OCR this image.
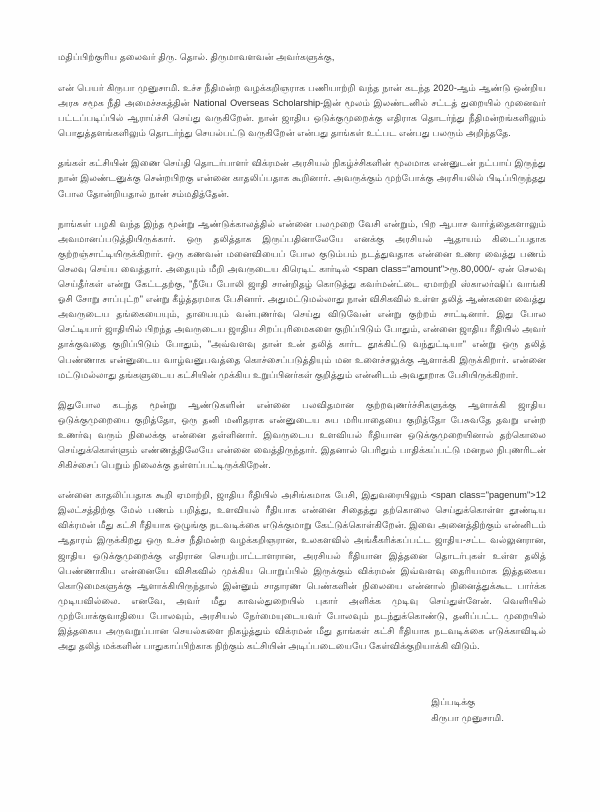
மதிப்பிற்குரிய தலைவர் திரு. தொல். திருமாவளவன் அவர்களுக்கு,

என் பெயர் கிருபா முனுசாமி. உச்ச நீதிமன்ற வழக்கறிஞராக பணியாற்றி வந்த நான் கடந்த 2020-ஆம் ஆண்டு ஒன்றிய அரசு சமூக நீதி அமைச்சகத்தின் National Overseas Scholarship-இன் மூலம் இலண்டனில் சட்டத் துறையில் முனைவர் பட்டப்படிப்பில் ஆராய்ச்சி செய்து வருகிறேன். நான் ஜாதிய ஒடுக்குமுறைக்கு எதிராக தொடர்ந்து நீதிமன்றங்களிலும் பொதுத்தளங்களிலும் தொடர்ந்து செயல்பட்டு வருகிறேன் என்பது தாங்கள் உட்பட என்பது பலரும் அறிந்ததே.

தங்கள் கட்சியின் இணை செய்தி தொடர்பாளர் விக்ரமன் அரசியல் நிகழ்ச்சிகளின் மூலமாக என்னுடன் நட்பாய் இருந்து நான் இலண்டனுக்கு சென்றபிறகு என்னை காதலிப்பதாக கூறினார். அவருக்கும் முற்போக்கு அரசியலில் பிடிப்பிருந்தது போல தோன்றியதால் நான் சம்மதித்தேன்.

நாங்கள் பழகி வந்த இந்த மூன்று ஆண்டுக்காலத்தில் என்னை பலமுறை வேசி என்றும், பிற ஆபாச வார்த்தைகளாலும் அவமானப்படுத்தியிருக்கார். ஒரு தலித்தாக இருப்பதினாலேயே எனக்கு அரசியல் ஆதாயம் கிடைப்பதாக குற்றஞ்சாட்டியிருக்கிறார். ஒரு கணவன் மனைவியைப் போல குடும்பம் நடத்துவதாக என்னை உணர வைத்து பணம் செலவு செய்ய வைத்தார். அதையும் மீறி அவருடைய கிரெடிட் கார்டில் <span class="amount">ரூ.80,000/- ஏன் செலவு செய்தீர்கள் என்று கேட்டதற்கு, "நீயே போலி ஜாதி சான்றிதழ் கொடுத்து கவர்மன்ட்டை ஏமாற்றி ஸ்காலர்ஷிப் வாங்கி ஓசி சோறு சாப்புட்ற" என்று கீழ்த்தரமாக பேசினார். அதுமட்டுமல்லாது நான் விசிகவில் உள்ள தலித் ஆண்களை வைத்து அவருடைய தங்கையையும், தாயையும் வன்புணர்வு செய்து விடுவேன் என்று குற்றம் சாட்டினார். இது போல செட்டியார் ஜாதியில் பிறந்த அவருடைய ஜாதிய சிறப்புரிமைகளை குறிப்பிடும் போதும், என்னை ஜாதிய ரீதியில் அவர் தாக்குவதை குறிப்பிடும் போதும், "அவ்வளவு தான் உன் தலித் கார்ட தூக்கிட்டு வந்துட்டியா" என்று ஒரு தலித் பெண்ணாக என்னுடைய வாழ்வனுபவத்தை கொச்சைப்படுத்தியும் மன உளைச்சலுக்கு ஆளாக்கி இருக்கிறார். என்னை மட்டுமல்லாது தங்களுடைய கட்சியின் முக்கிய உறுப்பினர்கள் குறித்தும் என்னிடம் அவதூறாக பேசியிருக்கிறார்.

இதுபோல கடந்த மூன்று ஆண்டுகளின் என்னை பலவிதமான குற்றவுணர்ச்சிகளுக்கு ஆளாக்கி ஜாதிய ஒடுக்குமுறையை குறித்தோ, ஒரு தனி மனிதராக என்னுடைய சுய மரியாதையை குறித்தோ பேசுவதே தவறு என்ற உணர்வு வரும் நிலைக்கு என்னை தள்ளினார். இவருடைய உளவியல் ரீதியான ஒடுக்குமுறையினால் தற்கொலை செய்துக்கொள்ளும் எண்ணத்திலேயே என்னை வைத்திருந்தார். இதனால் பெரிதும் பாதிக்கப்பட்டு மனநல நிபுணரிடன் சிகிச்சைப் பெறும் நிலைக்கு தள்ளப்பட்டிருக்கிறேன்.

என்னை காதலிப்பதாக கூறி ஏமாற்றி, ஜாதிய ரீதியில் அசிங்கமாக பேசி, இதுவரையிலும் <span class="pagenum">12 இலட்சத்திற்கு மேல் பணம் பறித்து, உளவியல் ரீதியாக என்னை சிதைத்து தற்கொலை செய்துக்கொள்ள தூண்டிய விக்ரமன் மீது கட்சி ரீதியாக ஒழுங்கு நடவடிக்கை எடுக்குமாறு கேட்டுக்கொள்கிறேன். இவை அனைத்திற்கும் என்னிடம் ஆதாரம் இருக்கிறது ஒரு உச்ச நீதிமன்ற வழக்கறிஞரான, உலகளவில் அங்கீகரிக்கப்பட்ட ஜாதிய-சட்ட வல்லுனரான, ஜாதிய ஒடுக்குமுறைக்கு எதிரான செயற்பாட்டாளரான, அரசியல் ரீதியான இத்தனை தொடர்புகள் உள்ள தலித் பெண்ணாகிய என்னையே விசிகவில் முக்கிய பொறுப்பில் இருக்கும் விக்ரமன் இவ்வளவு தைரியமாக இத்தகைய கொடுமைகளுக்கு ஆளாக்கியிருந்தால் இன்னும் சாதாரண பெண்களின் நிலையை என்னால் நினைத்துக்கூட பார்க்க முடியவில்லை. எனவே, அவர் மீது காவல்துறையில் புகார் அளிக்க முடிவு செய்துள்ளேன். வெளியில் முற்போக்குவாதியை போலவும், அரசியல் நேர்மையுடையவர் போலவும் நடந்துக்கொண்டு, தனிப்பட்ட முறையில் இத்தகைய அருவறுப்பான செயல்களை நிகழ்த்தும் விக்ரமன் மீது தாங்கள் கட்சி ரீதியாக நடவடிக்கை எடுக்காவிடில் அது தலித் மக்களின் பாதுகாப்பிற்காக நிற்கும் கட்சியின் அடிப்படையையே கேள்விக்குறியாக்கி விடும்.

இப்படிக்கு
கிருபா முனுசாமி.
